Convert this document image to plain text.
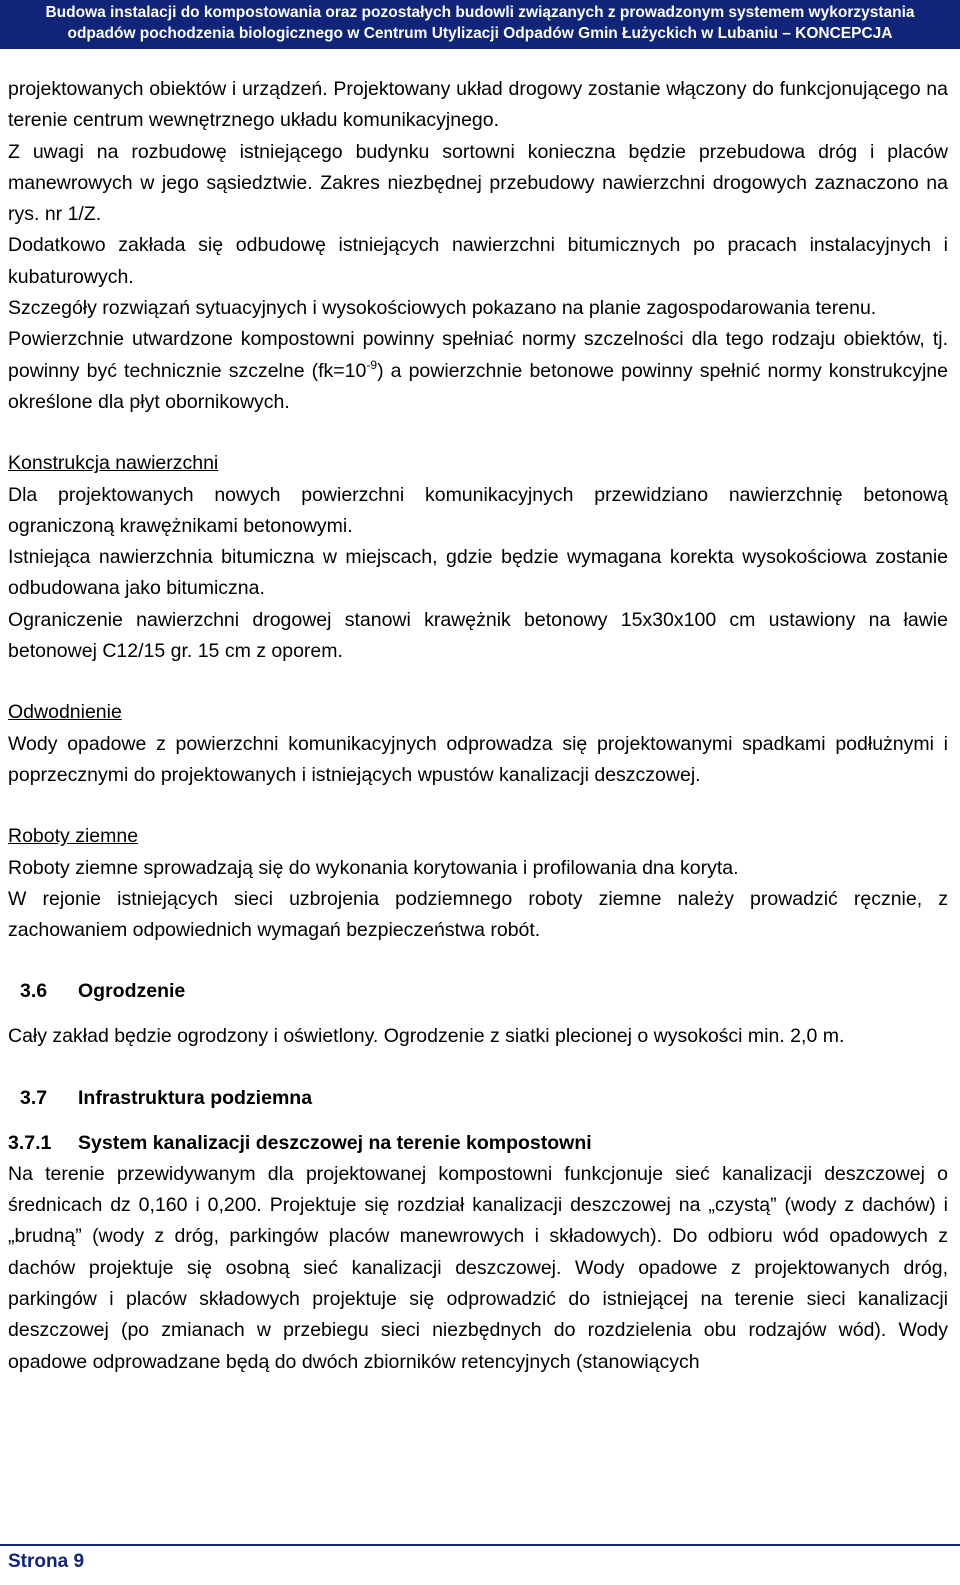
Budowa instalacji do kompostowania oraz pozostałych budowli związanych z prowadzonym systemem wykorzystania
odpadów pochodzenia biologicznego w Centrum Utylizacji Odpadów Gmin Łużyckich w Lubaniu – KONCEPCJA

projektowanych obiektów i urządzeń. Projektowany układ drogowy zostanie włączony do funkcjonującego na terenie centrum wewnętrznego układu komunikacyjnego.

Z uwagi na rozbudowę istniejącego budynku sortowni konieczna będzie przebudowa dróg i placów manewrowych w jego sąsiedztwie. Zakres niezbędnej przebudowy nawierzchni drogowych zaznaczono na rys. nr 1/Z.

Dodatkowo zakłada się odbudowę istniejących nawierzchni bitumicznych po pracach instalacyjnych i kubaturowych.

Szczegóły rozwiązań sytuacyjnych i wysokościowych pokazano na planie zagospodarowania terenu.

Powierzchnie utwardzone kompostowni powinny spełniać normy szczelności dla tego rodzaju obiektów, tj. powinny być technicznie szczelne $(fk=10^{-9})$ a powierzchnie betonowe powinny spełnić normy konstrukcyjne określone dla płyt obornikowych.

Konstrukcja nawierzchni

Dla projektowanych nowych powierzchni komunikacyjnych przewidziano nawierzchnię betonową ograniczoną krawężnikami betonowymi.

Istniejąca nawierzchnia bitumiczna w miejscach, gdzie będzie wymagana korekta wysokościowa zostanie odbudowana jako bitumiczna.

Ograniczenie nawierzchni drogowej stanowi krawężnik betonowy 15x30x100 cm ustawiony na ławie betonowej C12/15 gr. 15 cm z oporem.

Odwodnienie

Wody opadowe z powierzchni komunikacyjnych odprowadza się projektowanymi spadkami podłużnymi i poprzecznymi do projektowanych i istniejących wpustów kanalizacji deszczowej.

Roboty ziemne

Roboty ziemne sprowadzają się do wykonania korytowania i profilowania dna koryta.

W rejonie istniejących sieci uzbrojenia podziemnego roboty ziemne należy prowadzić ręcznie, z zachowaniem odpowiednich wymagań bezpieczeństwa robót.

3.6	Ogrodzenie

Cały zakład będzie ogrodzony i oświetlony. Ogrodzenie z siatki plecionej o wysokości min. 2,0 m.

3.7	Infrastruktura podziemna
3.7.1	System kanalizacji deszczowej na terenie kompostowni

Na terenie przewidywanym dla projektowanej kompostowni funkcjonuje sieć kanalizacji deszczowej o średnicach dz 0,160 i 0,200. Projektuje się rozdział kanalizacji deszczowej na „czystą” (wody z dachów) i „brudną” (wody z dróg, parkingów placów manewrowych i składowych). Do odbioru wód opadowych z dachów projektuje się osobną sieć kanalizacji deszczowej. Wody opadowe z projektowanych dróg, parkingów i placów składowych projektuje się odprowadzić do istniejącej na terenie sieci kanalizacji deszczowej (po zmianach w przebiegu sieci niezbędnych do rozdzielenia obu rodzajów wód). Wody opadowe odprowadzane będą do dwóch zbiorników retencyjnych (stanowiących

Strona 9
